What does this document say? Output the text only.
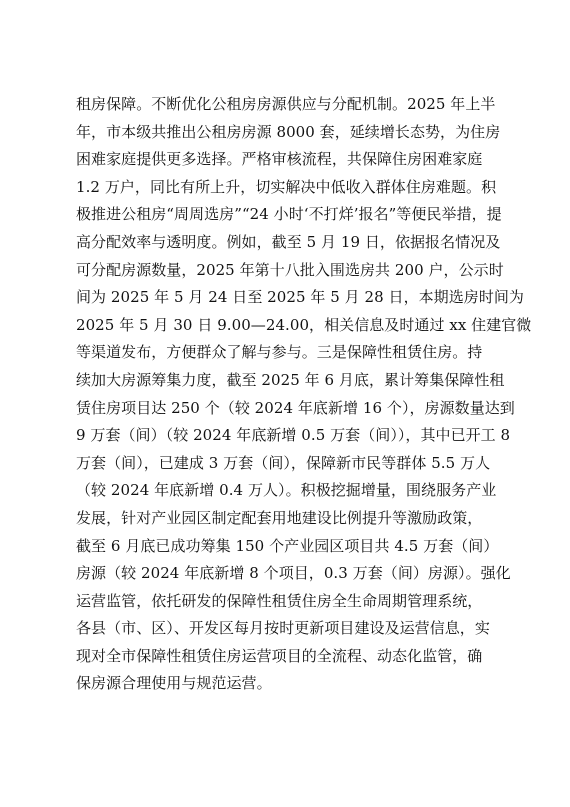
租房保障。不断优化公租房房源供应与分配机制。2025 年上半
年，市本级共推出公租房房源 8000 套，延续增长态势，为住房
困难家庭提供更多选择。严格审核流程，共保障住房困难家庭
1.2 万户，同比有所上升，切实解决中低收入群体住房难题。积
极推进公租房“周周选房”“24 小时‘不打烊’报名”等便民举措，提
高分配效率与透明度。例如，截至 5 月 19 日，依据报名情况及
可分配房源数量，2025 年第十八批入围选房共 200 户，公示时
间为 2025 年 5 月 24 日至 2025 年 5 月 28 日，本期选房时间为
2025 年 5 月 30 日 9.00—24.00，相关信息及时通过 xx 住建官微
等渠道发布，方便群众了解与参与。三是保障性租赁住房。持
续加大房源筹集力度，截至 2025 年 6 月底，累计筹集保障性租
赁住房项目达 250 个（较 2024 年底新增 16 个），房源数量达到
9 万套（间）（较 2024 年底新增 0.5 万套（间）），其中已开工 8
万套（间），已建成 3 万套（间），保障新市民等群体 5.5 万人
（较 2024 年底新增 0.4 万人）。积极挖掘增量，围绕服务产业
发展，针对产业园区制定配套用地建设比例提升等激励政策，
截至 6 月底已成功筹集 150 个产业园区项目共 4.5 万套（间）
房源（较 2024 年底新增 8 个项目，0.3 万套（间）房源）。强化
运营监管，依托研发的保障性租赁住房全生命周期管理系统，
各县（市、区）、开发区每月按时更新项目建设及运营信息，实
现对全市保障性租赁住房运营项目的全流程、动态化监管，确
保房源合理使用与规范运营。
